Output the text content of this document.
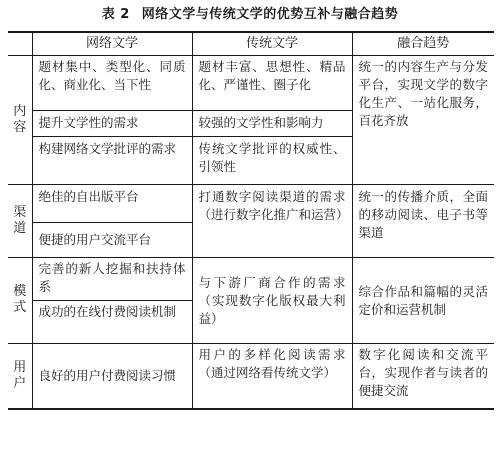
表 2 网络文学与传统文学的优势互补与融合趋势
	网络文学	传统文学	融合趋势
内容	题材集中、类型化、同质化、商业化、当下性	题材丰富、思想性、精品化、严谨性、圈子化	统一的内容生产与分发平台，实现文学的数字化生产、一站化服务，百花齐放
	提升文学性的需求	较强的文学性和影响力	
	构建网络文学批评的需求	传统文学批评的权威性、引领性	
渠道	绝佳的自出版平台	打通数字阅读渠道的需求（进行数字化推广和运营）	统一的传播介质，全面的移动阅读、电子书等渠道
	便捷的用户交流平台		
模式	完善的新人挖掘和扶持体系	与下游厂商合作的需求（实现数字化版权最大利益）	综合作品和篇幅的灵活定价和运营机制
	成功的在线付费阅读机制		
用户	良好的用户付费阅读习惯	用户的多样化阅读需求（通过网络看传统文学）	数字化阅读和交流平台，实现作者与读者的便捷交流
